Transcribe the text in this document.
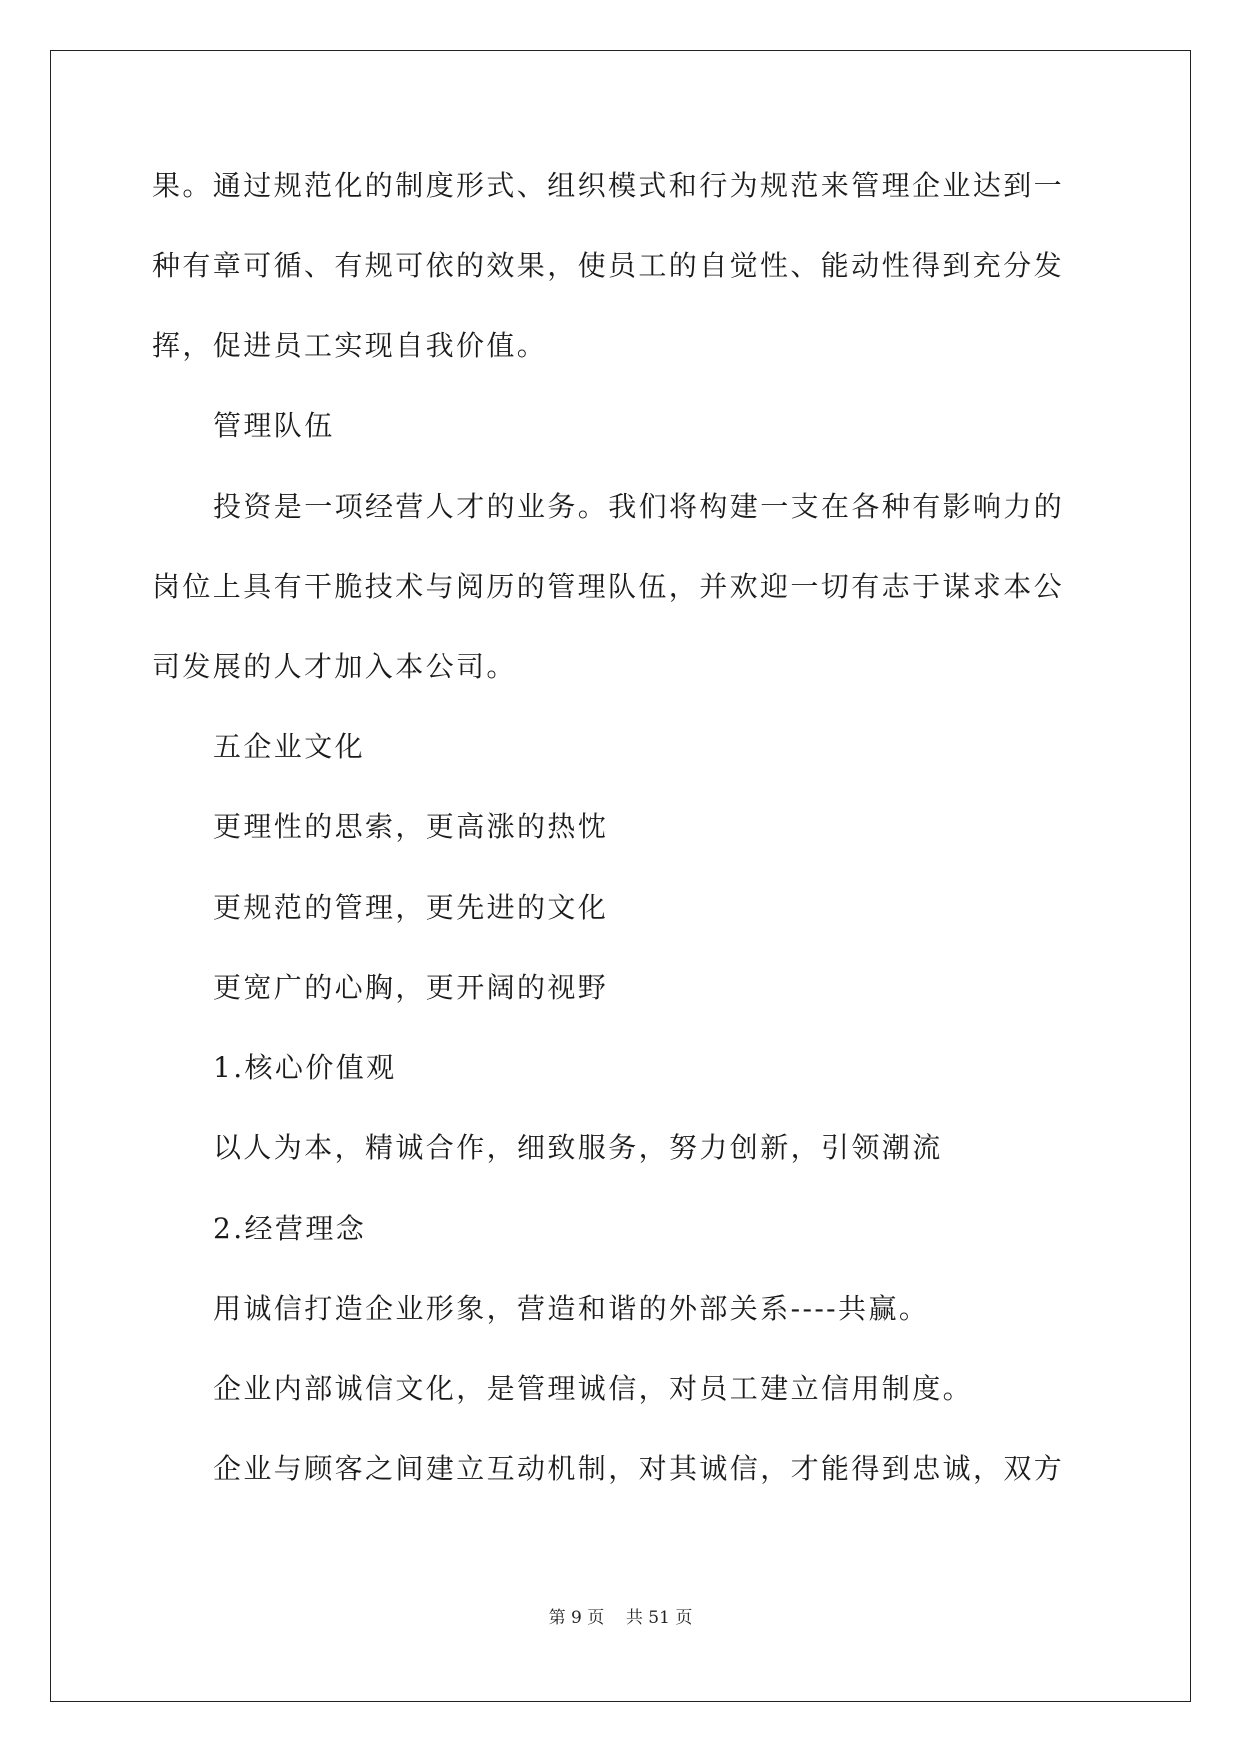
果。通过规范化的制度形式、组织模式和行为规范来管理企业达到一
种有章可循、有规可依的效果，使员工的自觉性、能动性得到充分发
挥，促进员工实现自我价值。
管理队伍
投资是一项经营人才的业务。我们将构建一支在各种有影响力的
岗位上具有干脆技术与阅历的管理队伍，并欢迎一切有志于谋求本公
司发展的人才加入本公司。
五企业文化
更理性的思索，更高涨的热忱
更规范的管理，更先进的文化
更宽广的心胸，更开阔的视野
1.核心价值观
以人为本，精诚合作，细致服务，努力创新，引领潮流
2.经营理念
用诚信打造企业形象，营造和谐的外部关系----共赢。
企业内部诚信文化，是管理诚信，对员工建立信用制度。
企业与顾客之间建立互动机制，对其诚信，才能得到忠诚，双方
第 9 页    共 51 页
